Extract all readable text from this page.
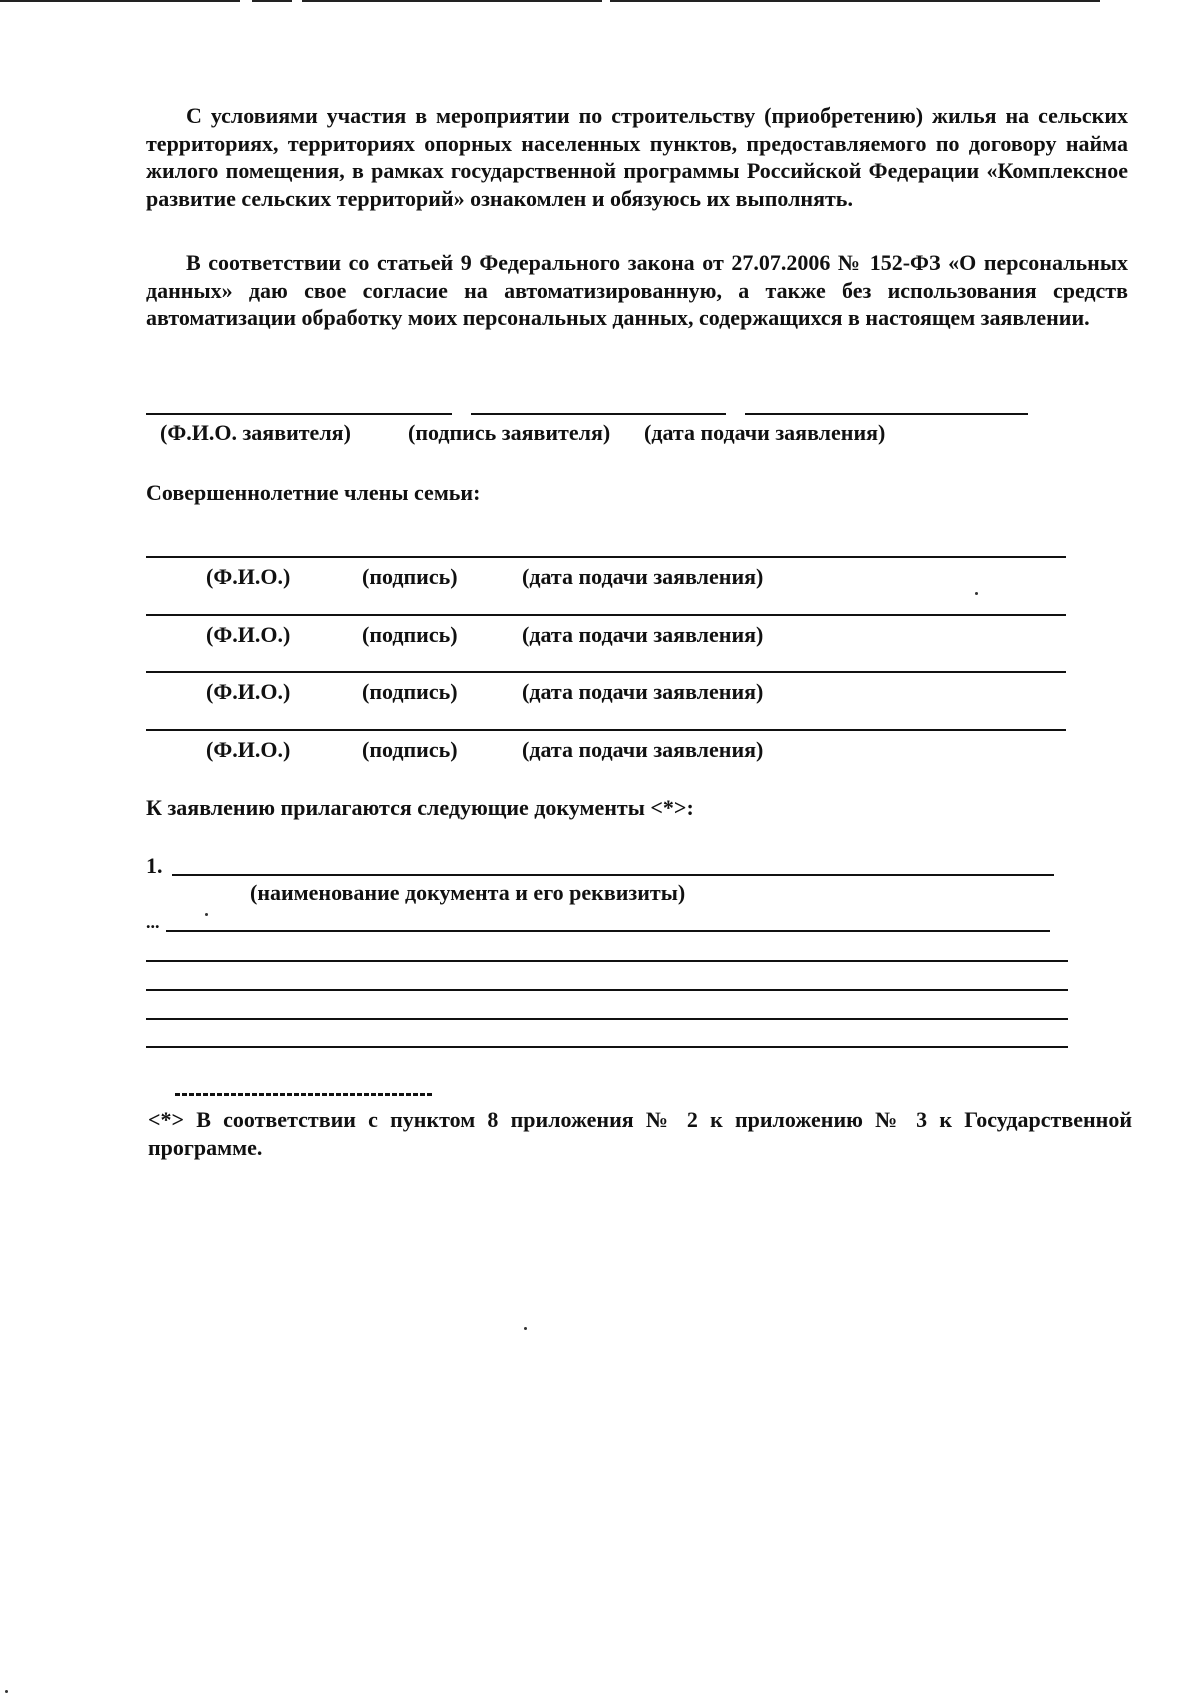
С условиями участия в мероприятии по строительству (приобретению) жилья на сельских территориях, территориях опорных населенных пунктов, предоставляемого по договору найма жилого помещения, в рамках государственной программы Российской Федерации «Комплексное развитие сельских территорий» ознакомлен и обязуюсь их выполнять.
В соответствии со статьей 9 Федерального закона от 27.07.2006 № 152-ФЗ «О персональных данных» даю свое согласие на автоматизированную, а также без использования средств автоматизации обработку моих персональных данных, содержащихся в настоящем заявлении.
(Ф.И.О. заявителя)	(подпись заявителя) (дата подачи заявления)
Совершеннолетние члены семьи:
(Ф.И.О.)	(подпись)	(дата подачи заявления)
(Ф.И.О.)	(подпись)	(дата подачи заявления)
(Ф.И.О.)	(подпись)	(дата подачи заявления)
(Ф.И.О.)	(подпись)	(дата подачи заявления)
К заявлению прилагаются следующие документы <*>:
1.
(наименование документа и его реквизиты)
...
<*> В соответствии с пунктом 8 приложения № 2 к приложению № 3 к Государственной программе.
